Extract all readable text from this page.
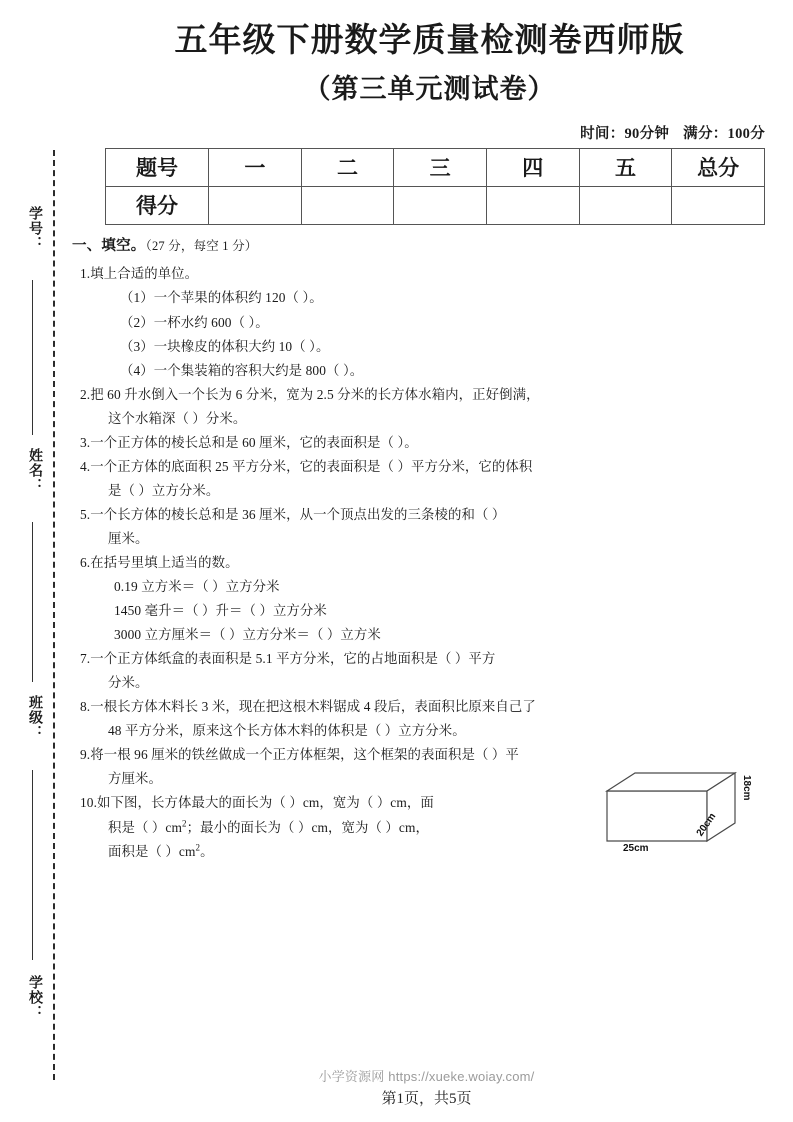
学号：
姓名：
班级：
学校：
五年级下册数学质量检测卷西师版
（第三单元测试卷）
时间：90分钟 满分：100分
题号	一	二	三	四	五	总分
得分						
一、填空。（27 分，每空 1 分）
1.填上合适的单位。
（1）一个苹果的体积约 120（ ）。
（2）一杯水约 600（ ）。
（3）一块橡皮的体积大约 10（ ）。
（4）一个集装箱的容积大约是 800（ ）。
2.把 60 升水倒入一个长为 6 分米，宽为 2.5 分米的长方体水箱内，正好倒满，
这个水箱深（ ）分米。
3.一个正方体的棱长总和是 60 厘米，它的表面积是（ ）。
4.一个正方体的底面积 25 平方分米，它的表面积是（ ）平方分米，它的体积
是（ ）立方分米。
5.一个长方体的棱长总和是 36 厘米，从一个顶点出发的三条棱的和（ ）
厘米。
6.在括号里填上适当的数。
0.19 立方米＝（ ）立方分米
1450 毫升＝（ ）升＝（ ）立方分米
3000 立方厘米＝（ ）立方分米＝（ ）立方米
7.一个正方体纸盒的表面积是 5.1 平方分米，它的占地面积是（ ）平方
分米。
8.一根长方体木料长 3 米，现在把这根木料锯成 4 段后，表面积比原来自己了
48 平方分米，原来这个长方体木料的体积是（ ）立方分米。
9.将一根 96 厘米的铁丝做成一个正方体框架，这个框架的表面积是（ ）平
方厘米。
10.如下图，长方体最大的面长为（ ）cm，宽为（ ）cm，面
积是（ ）$cm^2$；最小的面长为（ ）cm，宽为（ ）cm，
面积是（ ）$cm^2$。	25cm
20cm
18cm
小学资源网 https://xueke.woiay.com/
第1页，共5页
